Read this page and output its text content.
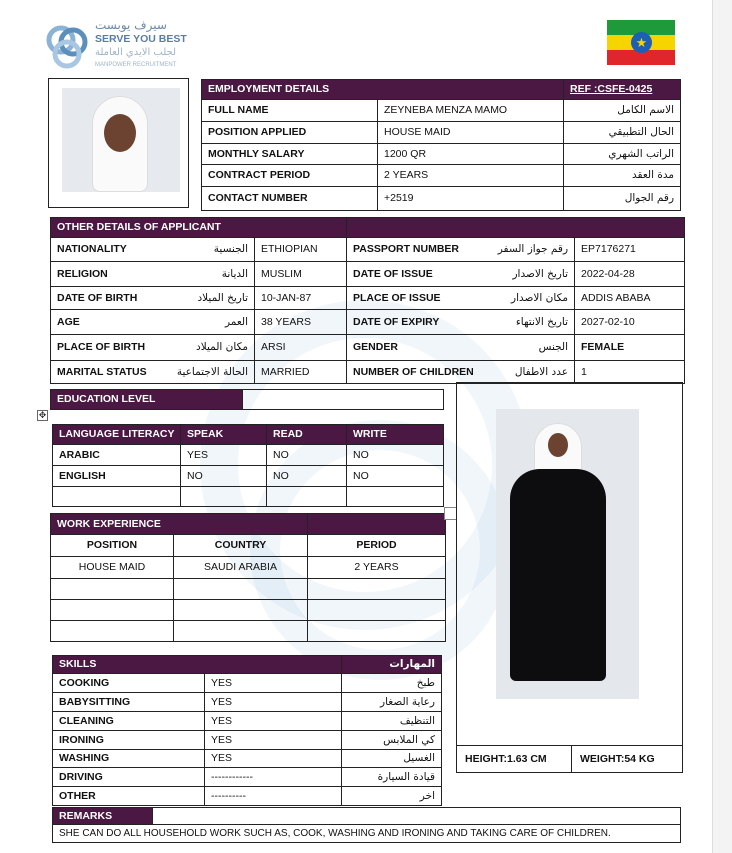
سيرف يوبست
SERVE YOU BEST
لجلب الايدي العاملة
MANPOWER RECRUITMENT
★
EMPLOYMENT DETAILS		REF :CSFE-0425
FULL NAME	ZEYNEBA MENZA MAMO	الاسم الكامل
POSITION APPLIED	HOUSE MAID	الحال التطبيقي
MONTHLY SALARY	1200 QR	الراتب الشهري
CONTRACT PERIOD	2 YEARS	مدة العقد
CONTACT NUMBER	+2519	رقم الجوال
OTHER DETAILS OF APPLICANT					
NATIONALITY	الجنسية	ETHIOPIAN	PASSPORT NUMBER	رقم جواز السفر	EP7176271
RELIGION	الديانة	MUSLIM	DATE OF ISSUE	تاريخ الاصدار	2022-04-28
DATE OF BIRTH	تاريخ الميلاد	10-JAN-87	PLACE OF ISSUE	مكان الاصدار	ADDIS ABABA
AGE	العمر	38 YEARS	DATE OF EXPIRY	تاريخ الانتهاء	2027-02-10
PLACE OF BIRTH	مكان الميلاد	ARSI	GENDER	الجنس	FEMALE
MARITAL STATUS	الحالة الاجتماعية	MARRIED	NUMBER OF CHILDREN	عدد الاطفال	1
EDUCATION LEVEL	
✥
LANGUAGE LITERACY	SPEAK	READ	WRITE
ARABIC	YES	NO	NO
ENGLISH	NO	NO	NO

WORK EXPERIENCE		
POSITION	COUNTRY	PERIOD
HOUSE MAID	SAUDI ARABIA	2 YEARS

HEIGHT:1.63 CM	WEIGHT:54 KG
SKILLS		المهارات
COOKING	YES	طبخ
BABYSITTING	YES	رعاية الصغار
CLEANING	YES	التنظيف
IRONING	YES	كي الملابس
WASHING	YES	الغسيل
DRIVING	------------	قيادة السيارة
OTHER	----------	اخر
REMARKS	
SHE CAN DO ALL HOUSEHOLD WORK SUCH AS, COOK, WASHING AND IRONING AND TAKING CARE OF CHILDREN.
